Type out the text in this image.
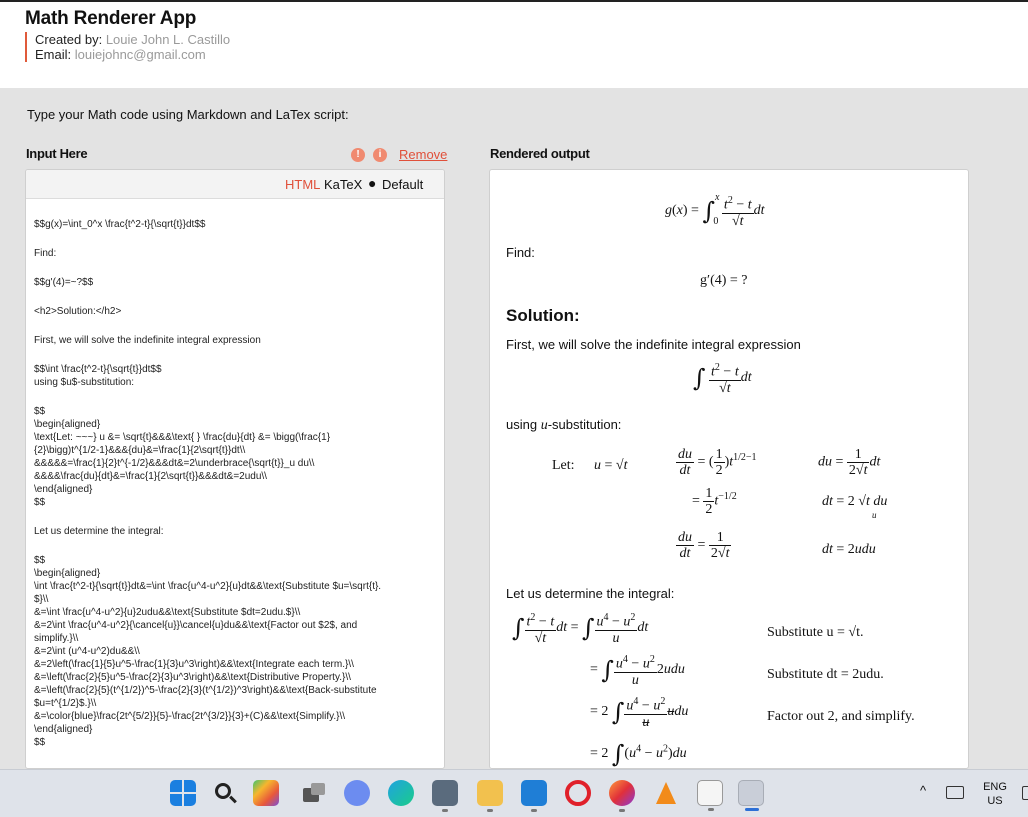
Math Renderer App
Created by: Louie John L. Castillo
Email: louiejohnc@gmail.com
Type your Math code using Markdown and LaTex script:
Input Here	!	i	Remove
HTML KaTeX ● Default
$$g(x)=\int_0^x \frac{t^2-t}{\sqrt{t}}dt$$
Find:
$$g'(4)=~?$$
<h2>Solution:</h2>
First, we will solve the indefinite integral expression
$$\int \frac{t^2-t}{\sqrt{t}}dt$$
using $u$-substitution:
$$
\begin{aligned}
\text{Let: ~~~} u &= \sqrt{t}&&&\text{ } \frac{du}{dt} &= \bigg(\frac{1}
{2}\bigg)t^{1/2-1}&&&{du}&=\frac{1}{2\sqrt{t}}dt\\
&&&&&=\frac{1}{2}t^{-1/2}&&&dt&=2\underbrace{\sqrt{t}}_u du\\
&&&&\frac{du}{dt}&=\frac{1}{2\sqrt{t}}&&&dt&=2udu\\
\end{aligned}
$$
Let us determine the integral:
$$
\begin{aligned}
\int \frac{t^2-t}{\sqrt{t}}dt&=\int \frac{u^4-u^2}{u}dt&&\text{Substitute $u=\sqrt{t}.
$}\\
&=\int \frac{u^4-u^2}{u}2udu&&\text{Substitute $dt=2udu.$}\\
&=2\int \frac{u^4-u^2}{\cancel{u}}\cancel{u}du&&\text{Factor out $2$, and
simplify.}\\
&=2\int (u^4-u^2)du&&\\
&=2\left(\frac{1}{5}u^5-\frac{1}{3}u^3\right)&&\text{Integrate each term.}\\
&=\left(\frac{2}{5}u^5-\frac{2}{3}u^3\right)&&\text{Distributive Property.}\\
&=\left(\frac{2}{5}(t^{1/2})^5-\frac{2}{3}(t^{1/2})^3\right)&&\text{Back-substitute
$u=t^{1/2}$.}\\
&=\color{blue}\frac{2t^{5/2}}{5}-\frac{2t^{3/2}}{3}+(C)&&\text{Simplify.}\\
\end{aligned}
$$
Rendered output
$g(x) = \int^x_0 \frac{t^2 - t}{√t}$ dt
Find:
g′(4) = ?
Solution:
First, we will solve the indefinite integral expression
∫ $\frac{t^2 - t}{√t}$ dt
using u-substitution:
Let: u = √t	$\frac{du}{dt}$ = ( $\frac{1}{2} )t^{1/2-1}$	du = $\frac{1}{2√t}$ dt
= $\frac{1}{2} t^{-1/2}$	dt = 2 √t du
u
$\frac{du}{dt} = \frac{1}{2√t}$	dt = 2udu
Let us determine the integral:
∫ $\frac{t^2 - t}{√t}$ dt = ∫ $\frac{u^4 - u^2}{u}$ dt	Substitute u = √t.
= ∫ $\frac{u^4 - u^2}{u} 2udu$	Substitute dt = 2udu.
= 2 ∫ $\frac{u^4 - u^2}{u}$ udu	Factor out 2, and simplify.
= 2 $\int(u^4 - u^2)du$
^	ENG
US
